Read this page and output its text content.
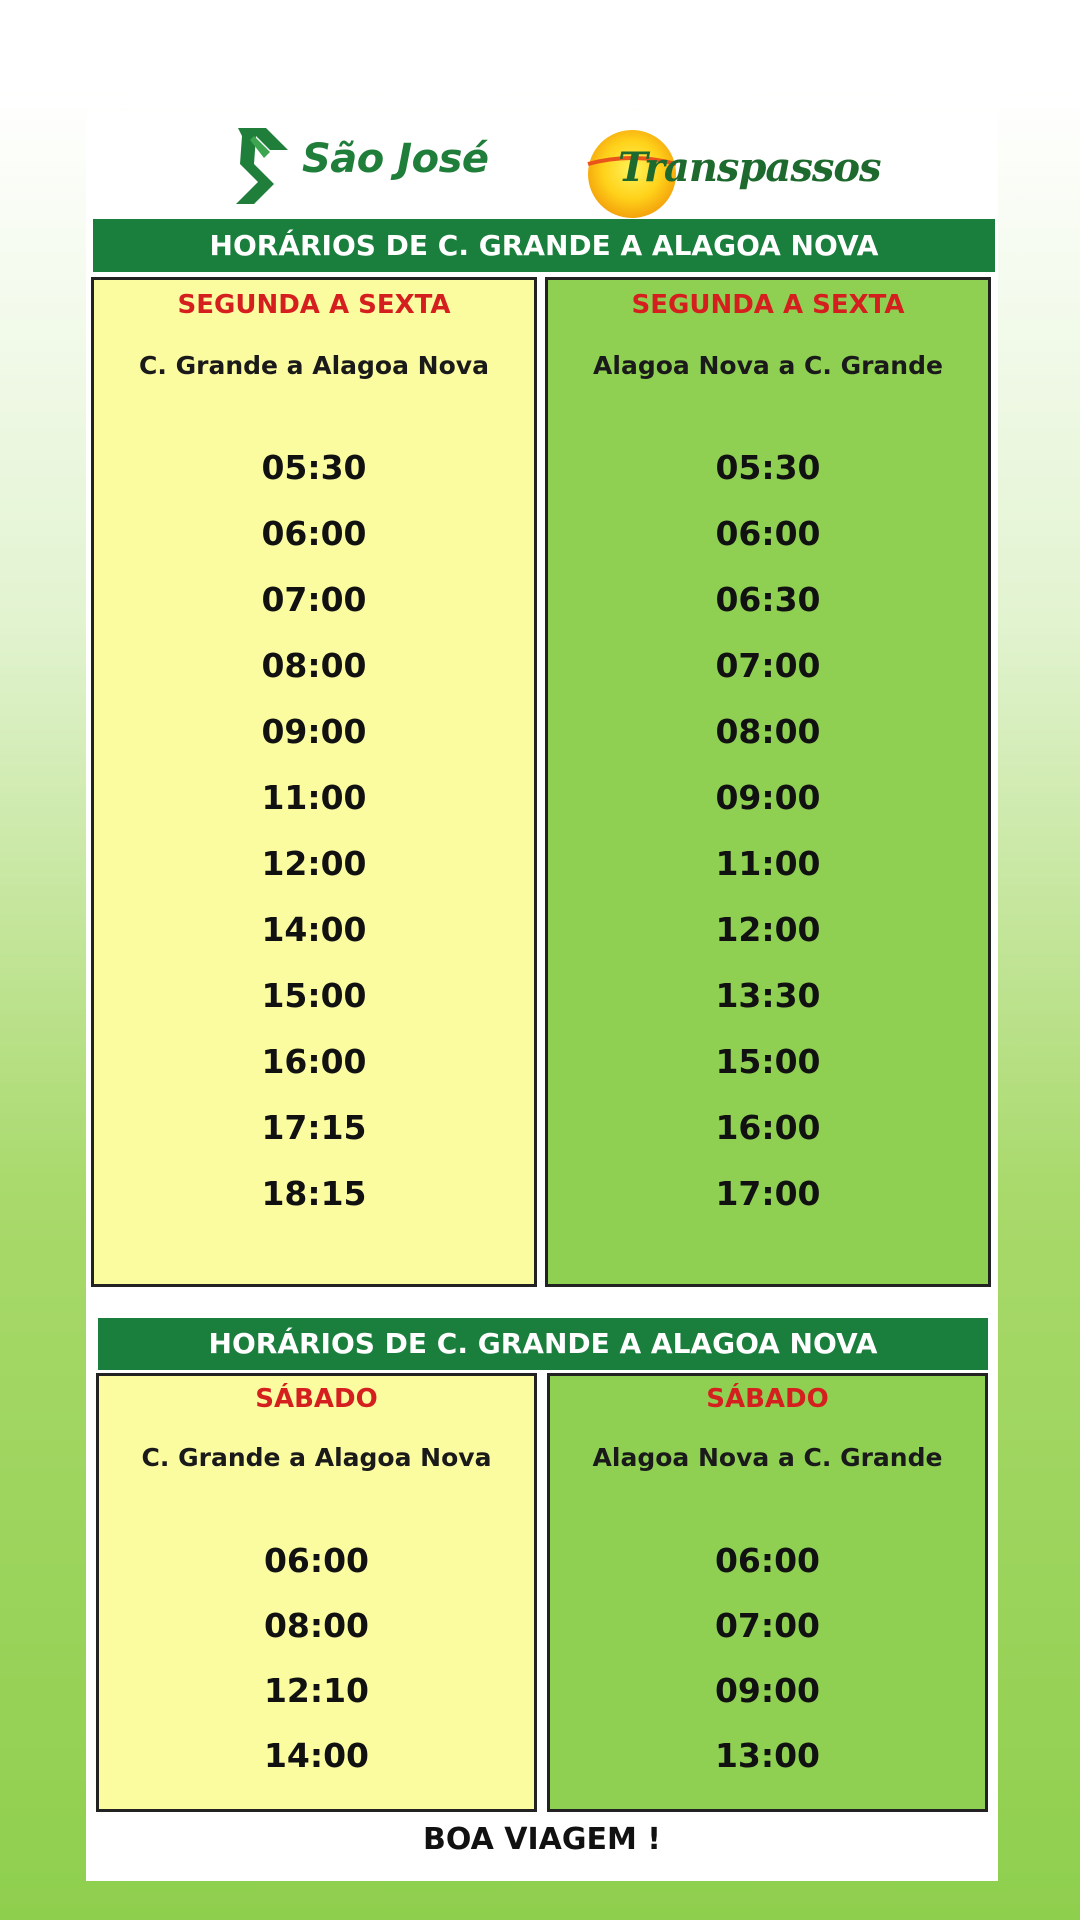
São José	Transpassos
HORÁRIOS DE C. GRANDE A ALAGOA NOVA
SEGUNDA A SEXTA
C. Grande a Alagoa Nova
05:30
06:00
07:00
08:00
09:00
11:00
12:00
14:00
15:00
16:00
17:15
18:15
SEGUNDA A SEXTA
Alagoa Nova a C. Grande
05:30
06:00
06:30
07:00
08:00
09:00
11:00
12:00
13:30
15:00
16:00
17:00
HORÁRIOS DE C. GRANDE A ALAGOA NOVA
SÁBADO
C. Grande a Alagoa Nova
06:00
08:00
12:10
14:00
SÁBADO
Alagoa Nova a C. Grande
06:00
07:00
09:00
13:00
BOA VIAGEM !
